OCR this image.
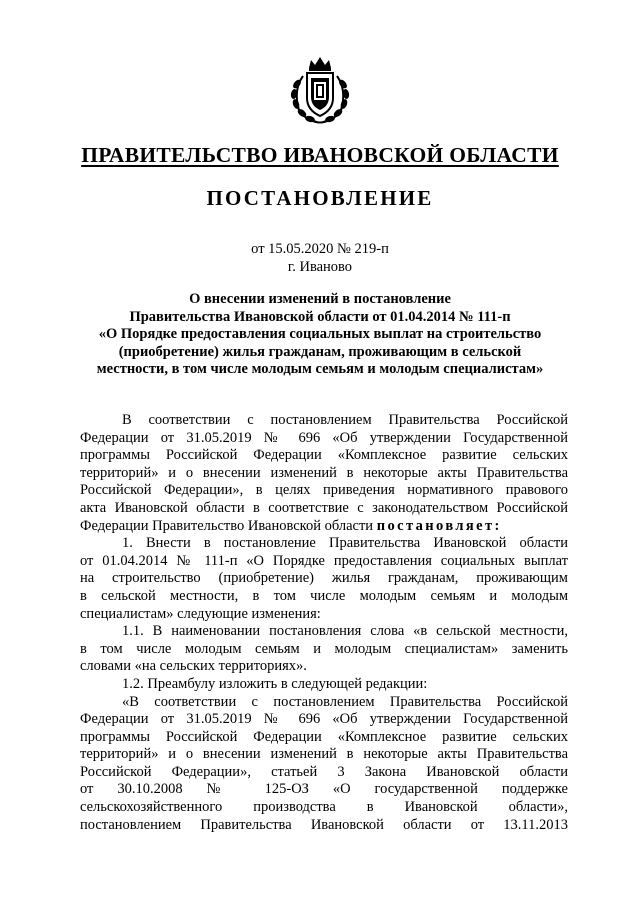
ПРАВИТЕЛЬСТВО ИВАНОВСКОЙ ОБЛАСТИ
ПОСТАНОВЛЕНИЕ
от 15.05.2020 № 219-п
г. Иваново
О внесении изменений в постановление
Правительства Ивановской области от 01.04.2014 № 111-п
«О Порядке предоставления социальных выплат на строительство
(приобретение) жилья гражданам, проживающим в сельской
местности, в том числе молодым семьям и молодым специалистам»
В соответствии с постановлением Правительства Российской
Федерации от 31.05.2019 № 696 «Об утверждении Государственной
программы Российской Федерации «Комплексное развитие сельских
территорий» и о внесении изменений в некоторые акты Правительства
Российской Федерации», в целях приведения нормативного правового
акта Ивановской области в соответствие с законодательством Российской
Федерации Правительство Ивановской области постановляет:
1. Внести в постановление Правительства Ивановской области
от 01.04.2014 № 111-п «О Порядке предоставления социальных выплат
на строительство (приобретение) жилья гражданам, проживающим
в сельской местности, в том числе молодым семьям и молодым
специалистам» следующие изменения:
1.1. В наименовании постановления слова «в сельской местности,
в том числе молодым семьям и молодым специалистам» заменить
словами «на сельских территориях».
1.2. Преамбулу изложить в следующей редакции:
«В соответствии с постановлением Правительства Российской
Федерации от 31.05.2019 № 696 «Об утверждении Государственной
программы Российской Федерации «Комплексное развитие сельских
территорий» и о внесении изменений в некоторые акты Правительства
Российской Федерации», статьей 3 Закона Ивановской области
от 30.10.2008 № 125-ОЗ «О государственной поддержке
сельскохозяйственного производства в Ивановской области»,
постановлением Правительства Ивановской области от 13.11.2013
